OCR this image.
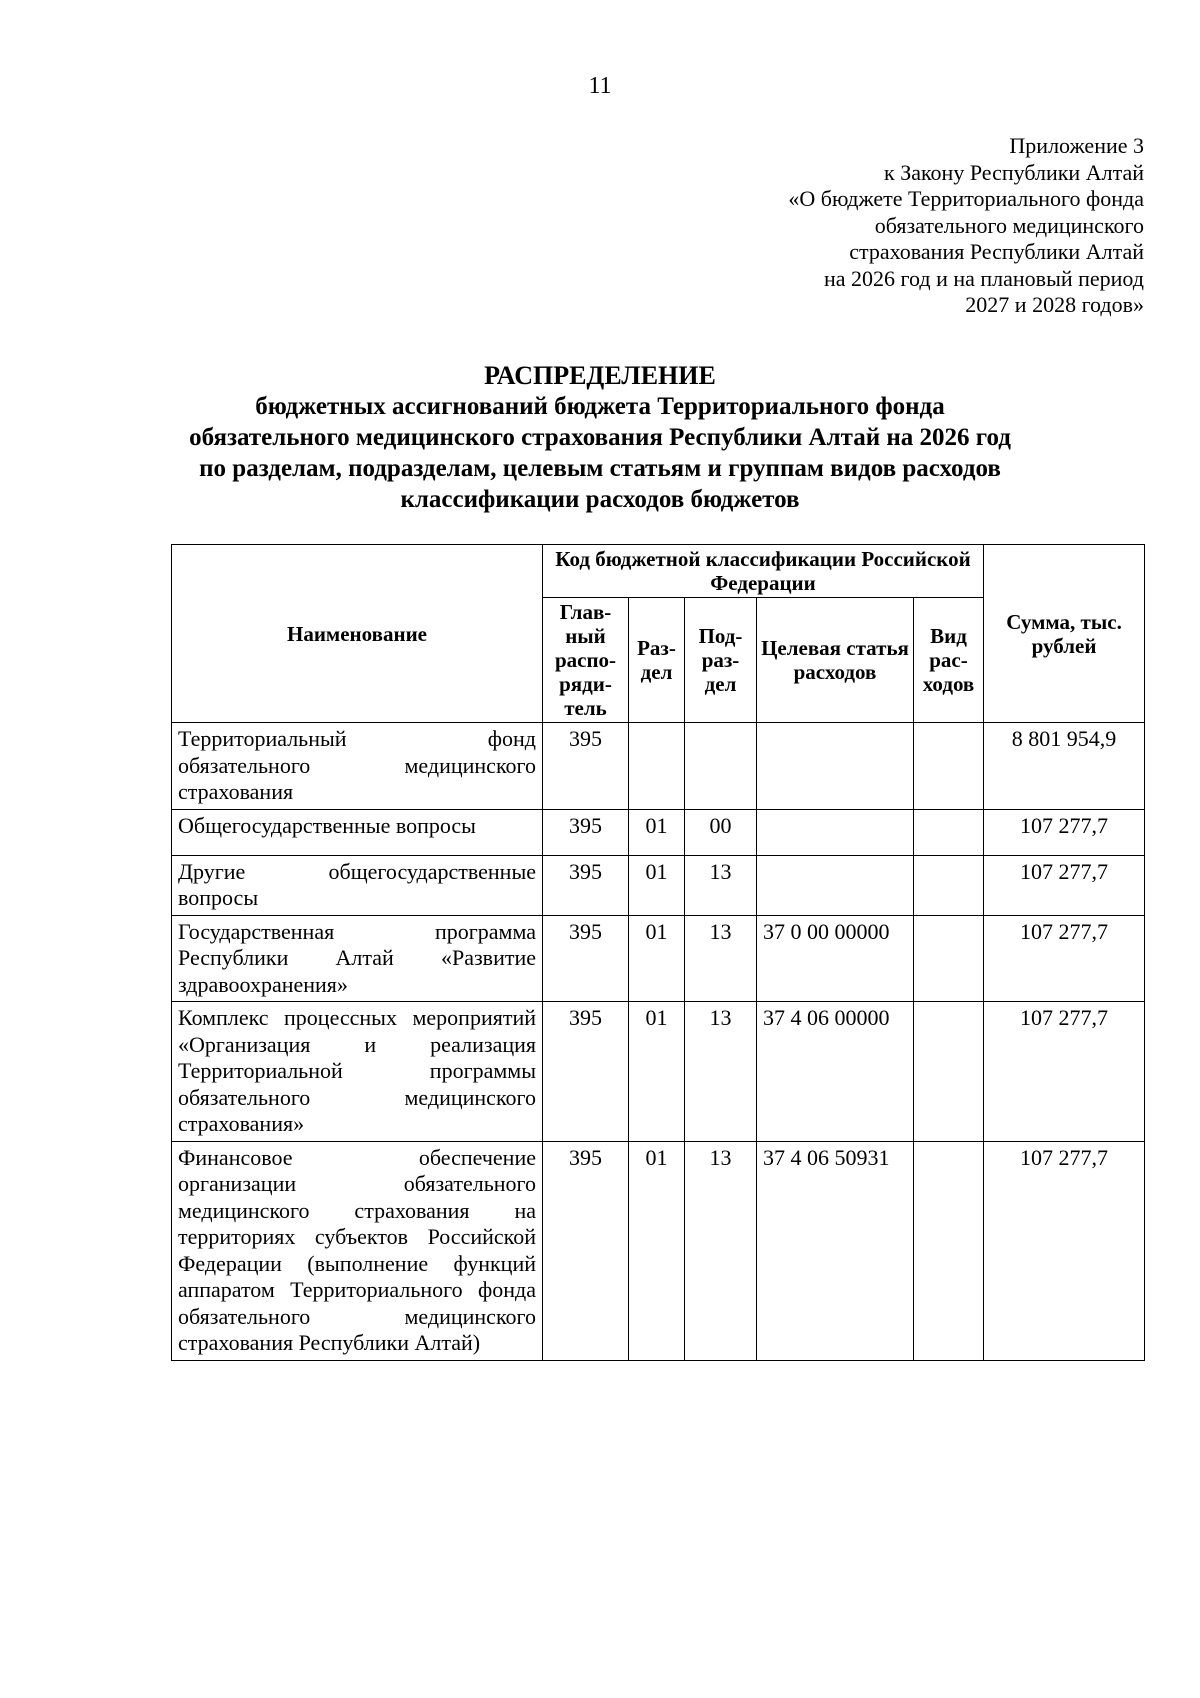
11
Приложение 3
к Закону Республики Алтай
«О бюджете Территориального фонда
обязательного медицинского
страхования Республики Алтай
на 2026 год и на плановый период
2027 и 2028 годов»
РАСПРЕДЕЛЕНИЕ
бюджетных ассигнований бюджета Территориального фонда
обязательного медицинского страхования Республики Алтай на 2026 год
по разделам, подразделам, целевым статьям и группам видов расходов
классификации расходов бюджетов
Наименование	Код бюджетной классификации Российской Федерации					Сумма, тыс. рублей
	Глав-ный распо-ряди-тель	Раз-дел	Под-раз-дел	Целевая статья расходов	Вид рас-ходов	
Территориальный фонд обязательного медицинского страхования	395					8 801 954,9
Общегосударственные вопросы	395	01	00			107 277,7
Другие общегосударственные вопросы	395	01	13			107 277,7
Государственная программа Республики Алтай «Развитие здравоохранения»	395	01	13	37 0 00 00000		107 277,7
Комплекс процессных мероприятий «Организация и реализация Территориальной программы обязательного медицинского страхования»	395	01	13	37 4 06 00000		107 277,7
Финансовое обеспечение организации обязательного медицинского страхования на территориях субъектов Российской Федерации (выполнение функций аппаратом Территориального фонда обязательного медицинского страхования Республики Алтай)	395	01	13	37 4 06 50931		107 277,7
